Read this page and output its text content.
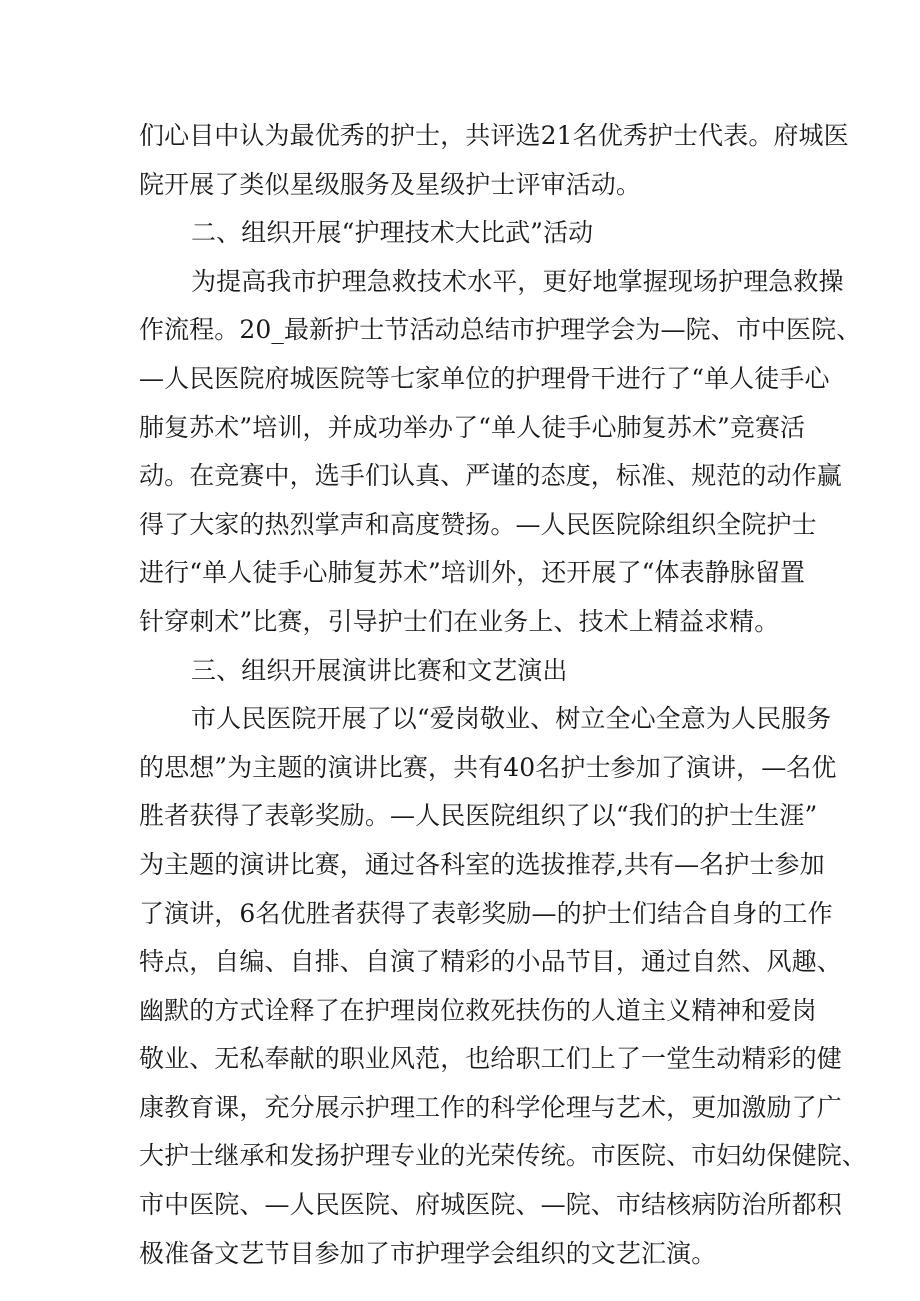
们心目中认为最优秀的护士，共评选21名优秀护士代表。府城医
院开展了类似星级服务及星级护士评审活动。
二、组织开展“护理技术大比武”活动
为提高我市护理急救技术水平，更好地掌握现场护理急救操
作流程。20_最新护士节活动总结市护理学会为—院、市中医院、
—人民医院府城医院等七家单位的护理骨干进行了“单人徒手心
肺复苏术”培训，并成功举办了“单人徒手心肺复苏术”竞赛活
动。在竞赛中，选手们认真、严谨的态度，标准、规范的动作赢
得了大家的热烈掌声和高度赞扬。—人民医院除组织全院护士
进行“单人徒手心肺复苏术”培训外，还开展了“体表静脉留置
针穿刺术”比赛，引导护士们在业务上、技术上精益求精。
三、组织开展演讲比赛和文艺演出
市人民医院开展了以“爱岗敬业、树立全心全意为人民服务
的思想”为主题的演讲比赛，共有40名护士参加了演讲，—名优
胜者获得了表彰奖励。—人民医院组织了以“我们的护士生涯”
为主题的演讲比赛，通过各科室的选拔推荐,共有—名护士参加
了演讲，6名优胜者获得了表彰奖励—的护士们结合自身的工作
特点，自编、自排、自演了精彩的小品节目，通过自然、风趣、
幽默的方式诠释了在护理岗位救死扶伤的人道主义精神和爱岗
敬业、无私奉献的职业风范，也给职工们上了一堂生动精彩的健
康教育课，充分展示护理工作的科学伦理与艺术，更加激励了广
大护士继承和发扬护理专业的光荣传统。市医院、市妇幼保健院、
市中医院、—人民医院、府城医院、—院、市结核病防治所都积
极准备文艺节目参加了市护理学会组织的文艺汇演。
